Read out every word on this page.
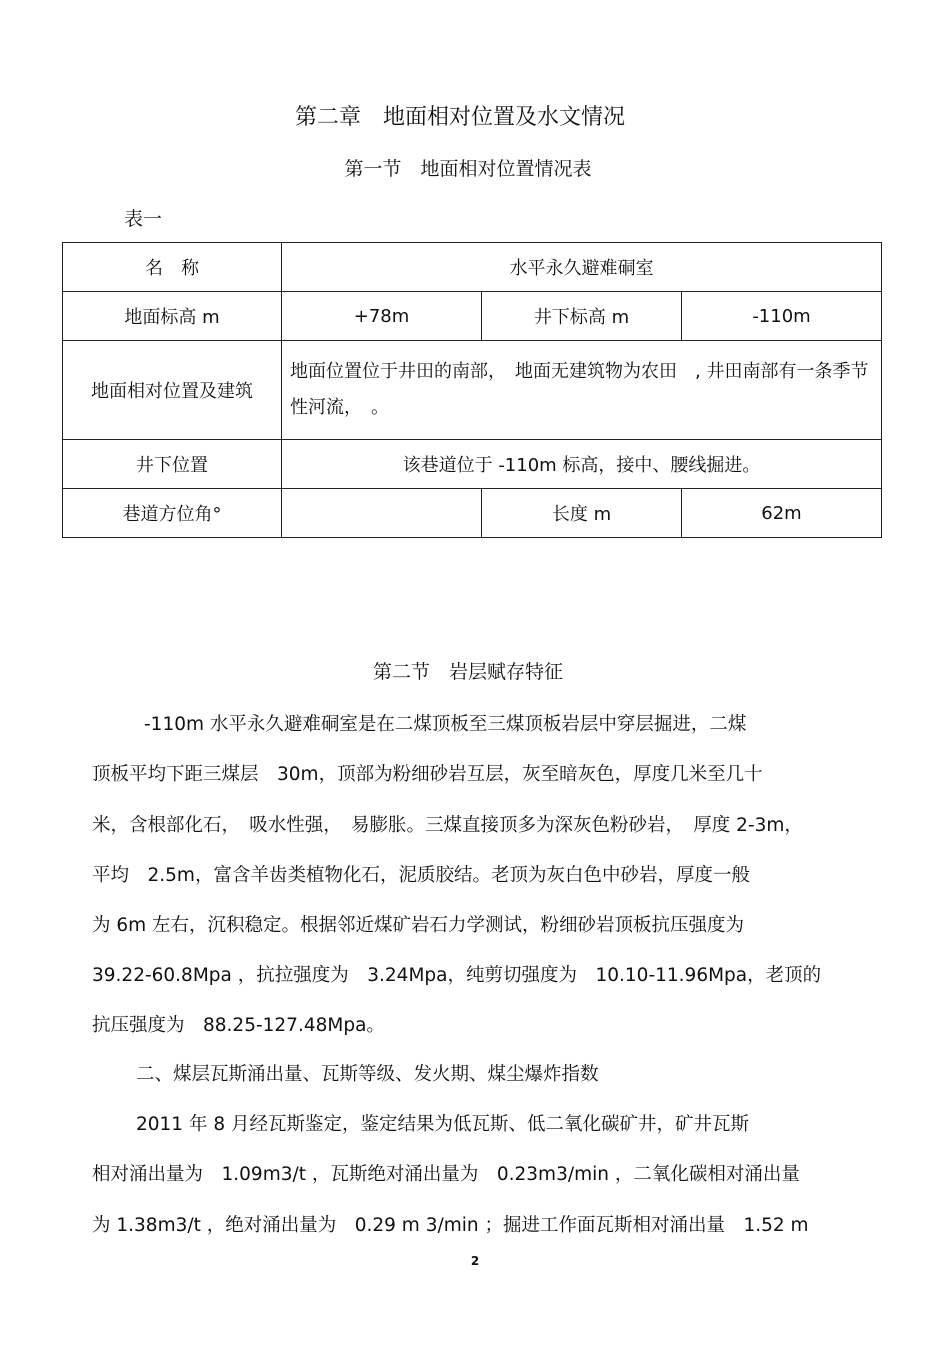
第二章　地面相对位置及水文情况
第一节　地面相对位置情况表
表一
名　称	水平永久避难硐室		
地面标高 m	+78m	井下标高 m	-110m
地面相对位置及建筑	地面位置位于井田的南部，　地面无建筑物为农田　, 井田南部有一条季节性河流，　。		
井下位置	该巷道位于 -110m 标高，接中、腰线掘进。		
巷道方位角°		长度 m	62m
第二节　岩层赋存特征
-110m 水平永久避难硐室是在二煤顶板至三煤顶板岩层中穿层掘进，二煤
顶板平均下距三煤层　30m，顶部为粉细砂岩互层，灰至暗灰色，厚度几米至几十
米，含根部化石，　吸水性强，　易膨胀。三煤直接顶多为深灰色粉砂岩，　厚度 2-3m，
平均　2.5m，富含羊齿类植物化石，泥质胶结。老顶为灰白色中砂岩，厚度一般
为 6m 左右，沉积稳定。根据邻近煤矿岩石力学测试，粉细砂岩顶板抗压强度为
39.22-60.8Mpa ，抗拉强度为　3.24Mpa，纯剪切强度为　10.10-11.96Mpa，老顶的
抗压强度为　88.25-127.48Mpa。
二、煤层瓦斯涌出量、瓦斯等级、发火期、煤尘爆炸指数
2011 年 8 月经瓦斯鉴定，鉴定结果为低瓦斯、低二氧化碳矿井，矿井瓦斯
相对涌出量为　1.09m3/t ，瓦斯绝对涌出量为　0.23m3/min ，二氧化碳相对涌出量
为 1.38m3/t ，绝对涌出量为　0.29 m 3/min ；掘进工作面瓦斯相对涌出量　1.52 m
2
